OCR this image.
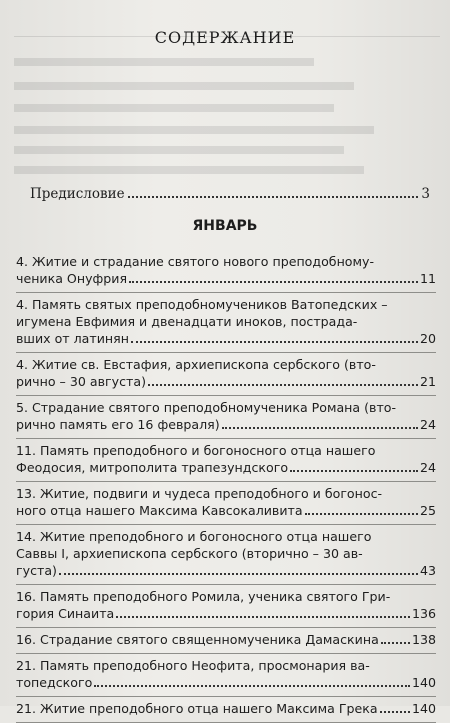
СОДЕРЖАНИЕ
Предисловие	3
ЯНВАРЬ
4. Житие и страдание святого нового преподобному-
ченика Онуфрия	11
4. Память святых преподобномучеников Ватопедских –
игумена Евфимия и двенадцати иноков, пострада-
вших от латинян	20
4. Житие св. Евстафия, архиепископа сербского (вто-
рично – 30 августа)	21
5. Страдание святого преподобномученика Романа (вто-
рично память его 16 февраля)	24
11. Память преподобного и богоносного отца нашего
Феодосия, митрополита трапезундского	24
13. Житие, подвиги и чудеса преподобного и богонос-
ного отца нашего Максима Кавсокаливита	25
14. Житие преподобного и богоносного отца нашего
Саввы I, архиепископа сербского (вторично – 30 ав-
густа)	43
16. Память преподобного Ромила, ученика святого Гри-
гория Синаита	136
16. Страдание святого священномученика Дамаскина	138
21. Память преподобного Неофита, просмонария ва-
топедского	140
21. Житие преподобного отца нашего Максима Грека	140
